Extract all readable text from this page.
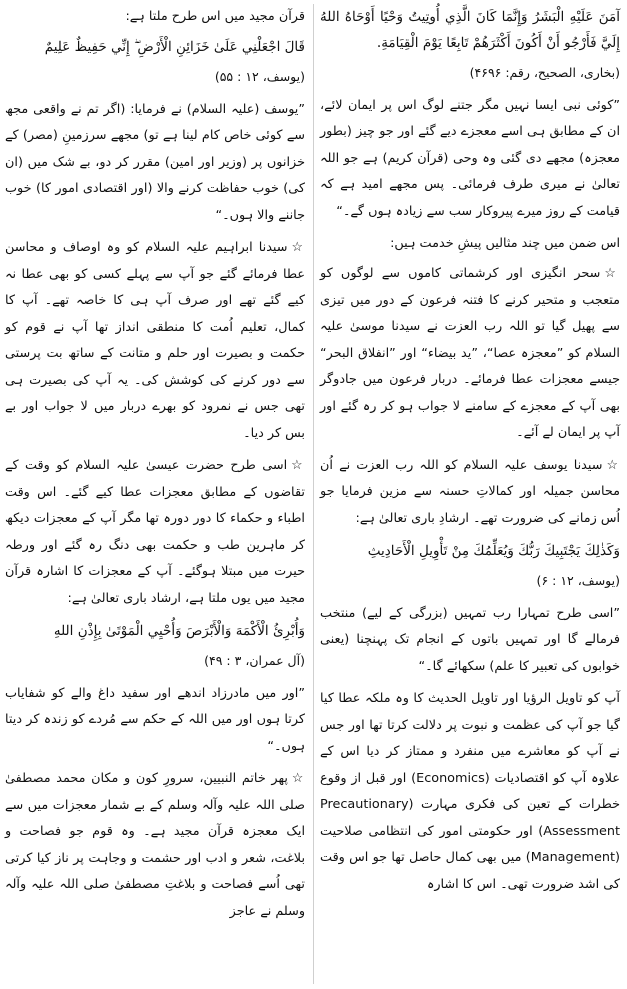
آمَنَ عَلَيْهِ الْبَشَرُ وَإِنَّمَا كَانَ الَّذِي أُوتِيتُ وَحْيًا أَوْحَاهُ اللهُ إِلَيَّ فَأَرْجُو أَنْ أَكُونَ أَكْثَرَهُمْ تَابِعًا يَوْمَ الْقِيَامَةِ.

(بخاری، الصحیح، رقم: ۴۶۹۶)

”کوئی نبی ایسا نہیں مگر جتنے لوگ اس پر ایمان لائے، ان کے مطابق ہی اسے معجزے دیے گئے اور جو چیز (بطور معجزہ) مجھے دی گئی وہ وحی (قرآن کریم) ہے جو اللہ تعالیٰ نے میری طرف فرمائی۔ پس مجھے امید ہے کہ قیامت کے روز میرے پیروکار سب سے زیادہ ہوں گے۔“

اس ضمن میں چند مثالیں پیشِ خدمت ہیں:

☆سحر انگیزی اور کرشماتی کاموں سے لوگوں کو متعجب و متحیر کرنے کا فتنہ فرعون کے دور میں تیزی سے پھیل گیا تو اللہ رب العزت نے سیدنا موسیٰ علیہ السلام کو ”معجزہ عصا“، ”ید بیضاء“ اور ”انفلاق البحر“ جیسے معجزات عطا فرمائے۔ دربار فرعون میں جادوگر بھی آپ کے معجزے کے سامنے لا جواب ہو کر رہ گئے اور آپ پر ایمان لے آئے۔

☆سیدنا یوسف علیہ السلام کو اللہ رب العزت نے اُن محاسن جمیلہ اور کمالاتِ حسنہ سے مزین فرمایا جو اُس زمانے کی ضرورت تھے۔ ارشادِ باری تعالیٰ ہے:

وَكَذٰلِكَ يَجْتَبِيكَ رَبُّكَ وَيُعَلِّمُكَ مِنْ تَأْوِيلِ الْأَحَادِيثِ

(یوسف، ۱۲ : ۶)

”اسی طرح تمہارا رب تمہیں (بزرگی کے لیے) منتخب فرمالے گا اور تمہیں باتوں کے انجام تک پہنچنا (یعنی خوابوں کی تعبیر کا علم) سکھائے گا۔“

آپ کو تاویل الرؤیا اور تاویل الحدیث کا وہ ملکہ عطا کیا گیا جو آپ کی عظمت و نبوت پر دلالت کرتا تھا اور جس نے آپ کو معاشرے میں منفرد و ممتاز کر دیا اس کے علاوہ آپ کو اقتصادیات (Economics) اور قبل از وقوع خطرات کے تعین کی فکری مہارت (Precautionary Assessment) اور حکومتی امور کی انتظامی صلاحیت (Management) میں بھی کمال حاصل تھا جو اس وقت کی اشد ضرورت تھی۔ اس کا اشارہ

قرآن مجید میں اس طرح ملتا ہے:

قَالَ اجْعَلْنِي عَلَىٰ خَزَائِنِ الْأَرْضِ ۖ إِنِّي حَفِيظٌ عَلِيمٌ

(یوسف، ۱۲ : ۵۵)

”یوسف (علیہ السلام) نے فرمایا: (اگر تم نے واقعی مجھ سے کوئی خاص کام لینا ہے تو) مجھے سرزمینِ (مصر) کے خزانوں پر (وزیر اور امین) مقرر کر دو، بے شک میں (ان کی) خوب حفاظت کرنے والا (اور اقتصادی امور کا) خوب جاننے والا ہوں۔“

☆سیدنا ابراہیم علیہ السلام کو وہ اوصاف و محاسن عطا فرمائے گئے جو آپ سے پہلے کسی کو بھی عطا نہ کیے گئے تھے اور صرف آپ ہی کا خاصہ تھے۔ آپ کا کمال، تعلیم اُمت کا منطقی انداز تھا آپ نے قوم کو حکمت و بصیرت اور حلم و متانت کے ساتھ بت پرستی سے دور کرنے کی کوشش کی۔ یہ آپ کی بصیرت ہی تھی جس نے نمرود کو بھرے دربار میں لا جواب اور بے بس کر دیا۔

☆اسی طرح حضرت عیسیٰ علیہ السلام کو وقت کے تقاضوں کے مطابق معجزات عطا کیے گئے۔ اس وقت اطباء و حکماء کا دور دورہ تھا مگر آپ کے معجزات دیکھ کر ماہرین طب و حکمت بھی دنگ رہ گئے اور ورطہ حیرت میں مبتلا ہوگئے۔ آپ کے معجزات کا اشارہ قرآن مجید میں یوں ملتا ہے، ارشاد باری تعالیٰ ہے:

وَأُبْرِئُ الْأَكْمَهَ وَالْأَبْرَصَ وَأُحْيِي الْمَوْتَىٰ بِإِذْنِ اللهِ

(آل عمران، ۳ : ۴۹)

”اور میں مادرزاد اندھے اور سفید داغ والے کو شفایاب کرتا ہوں اور میں اللہ کے حکم سے مُردے کو زندہ کر دیتا ہوں۔“

☆پھر خاتم النبیین، سرورِ کون و مکان محمد مصطفیٰ صلی اللہ علیہ وآلہ وسلم کے بے شمار معجزات میں سے ایک معجزہ قرآن مجید ہے۔ وہ قوم جو فصاحت و بلاغت، شعر و ادب اور حشمت و وجاہت پر ناز کیا کرتی تھی اُسے فصاحت و بلاغتِ مصطفیٰ صلی اللہ علیہ وآلہ وسلم نے عاجز
